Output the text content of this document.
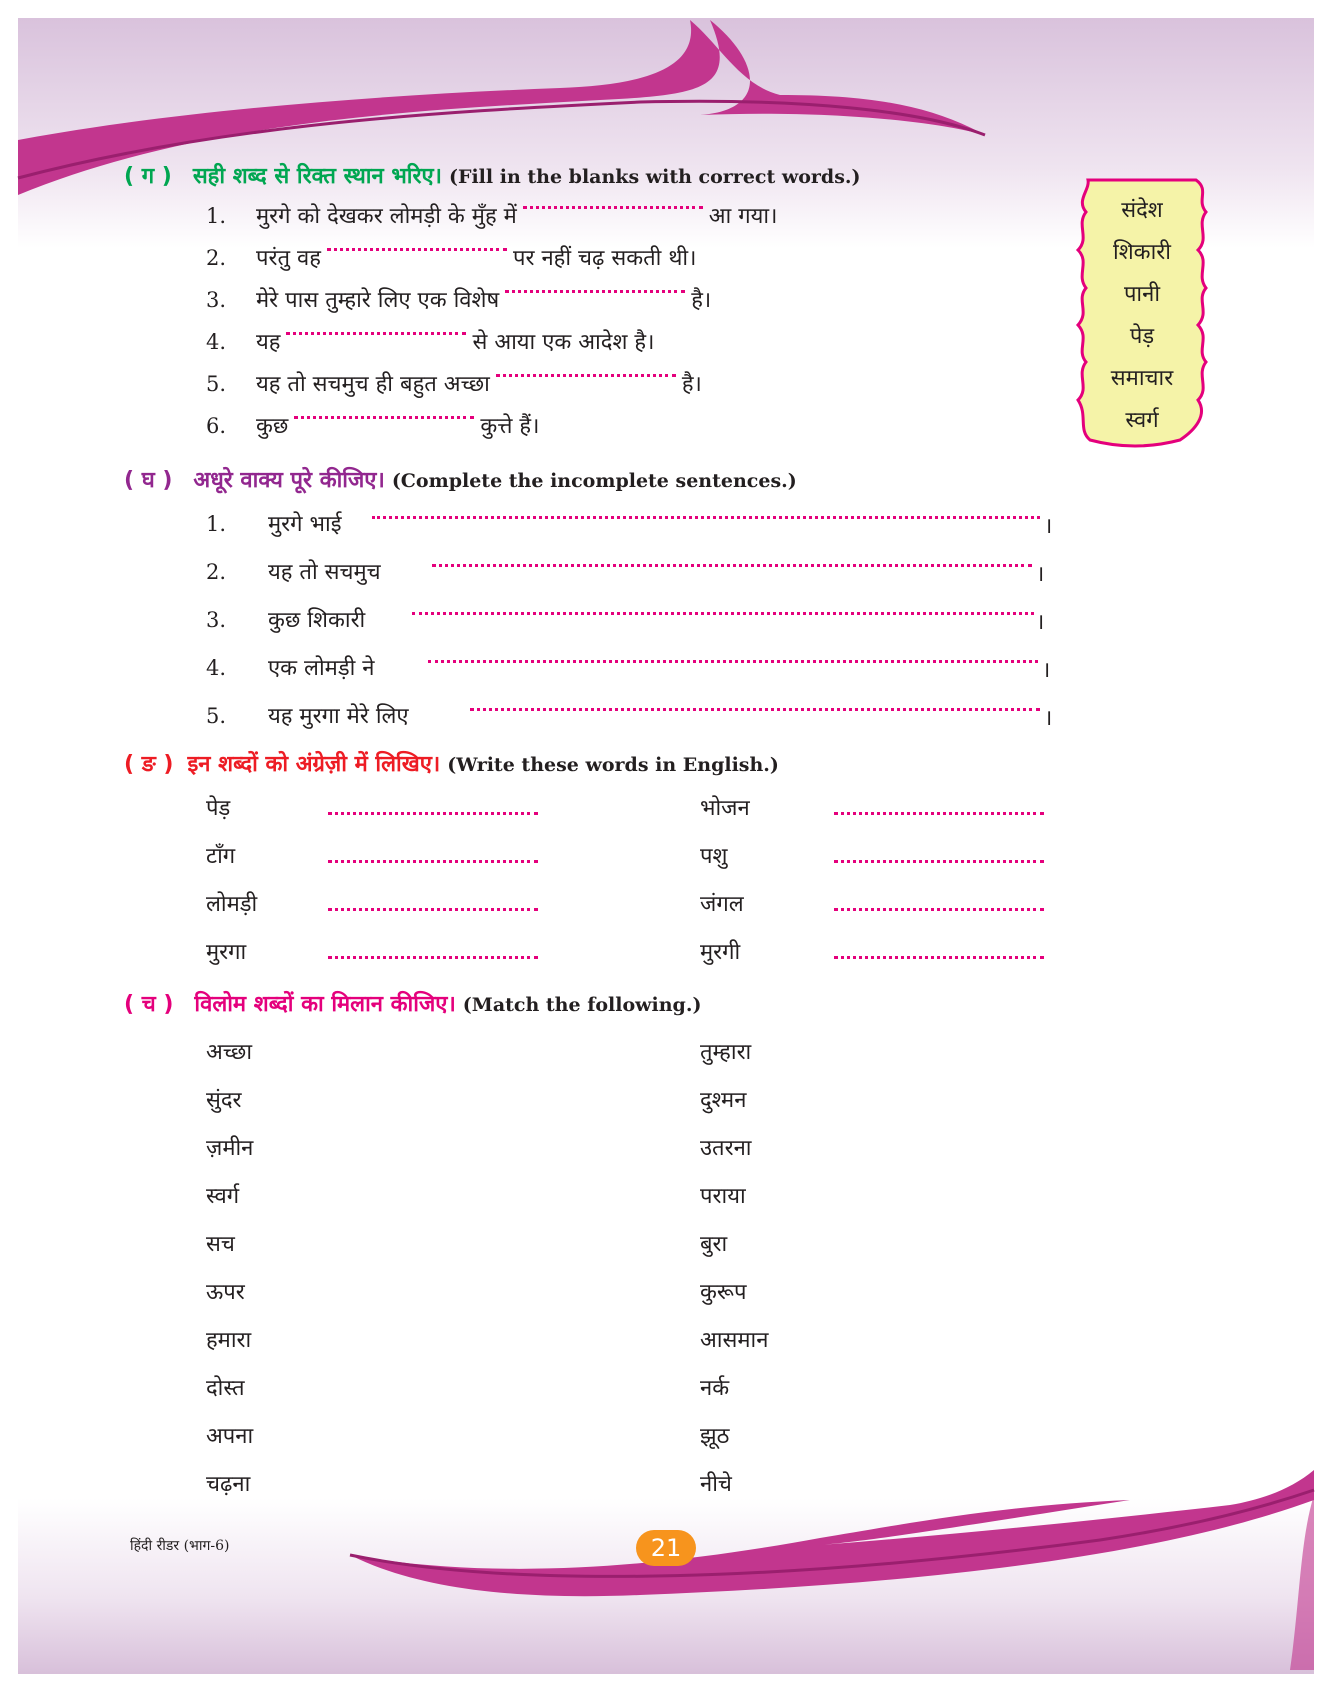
संदेश
शिकारी
पानी
पेड़
समाचार
स्वर्ग
( ग ) सही शब्द से रिक्त स्थान भरिए। (Fill in the blanks with correct words.)
1. मुरगे को देखकर लोमड़ी के मुँह में	आ गया।
2. परंतु वह	पर नहीं चढ़ सकती थी।
3. मेरे पास तुम्हारे लिए एक विशेष	है।
4. यह	से आया एक आदेश है।
5. यह तो सचमुच ही बहुत अच्छा	है।
6. कुछ	कुत्ते हैं।
( घ ) अधूरे वाक्य पूरे कीजिए। (Complete the incomplete sentences.)
1. मुरगे भाई	।
2. यह तो सचमुच	।
3. कुछ शिकारी	।
4. एक लोमड़ी ने	।
5. यह मुरगा मेरे लिए	।
( ङ ) इन शब्दों को अंग्रेज़ी में लिखिए। (Write these words in English.)
पेड़	भोजन
टाँग	पशु
लोमड़ी	जंगल
मुरगा	मुरगी
( च ) विलोम शब्दों का मिलान कीजिए। (Match the following.)
अच्छा	तुम्हारा
सुंदर	दुश्मन
ज़मीन	उतरना
स्वर्ग	पराया
सच	बुरा
ऊपर	कुरूप
हमारा	आसमान
दोस्त	नर्क
अपना	झूठ
चढ़ना	नीचे
हिंदी रीडर (भाग-6)	21
